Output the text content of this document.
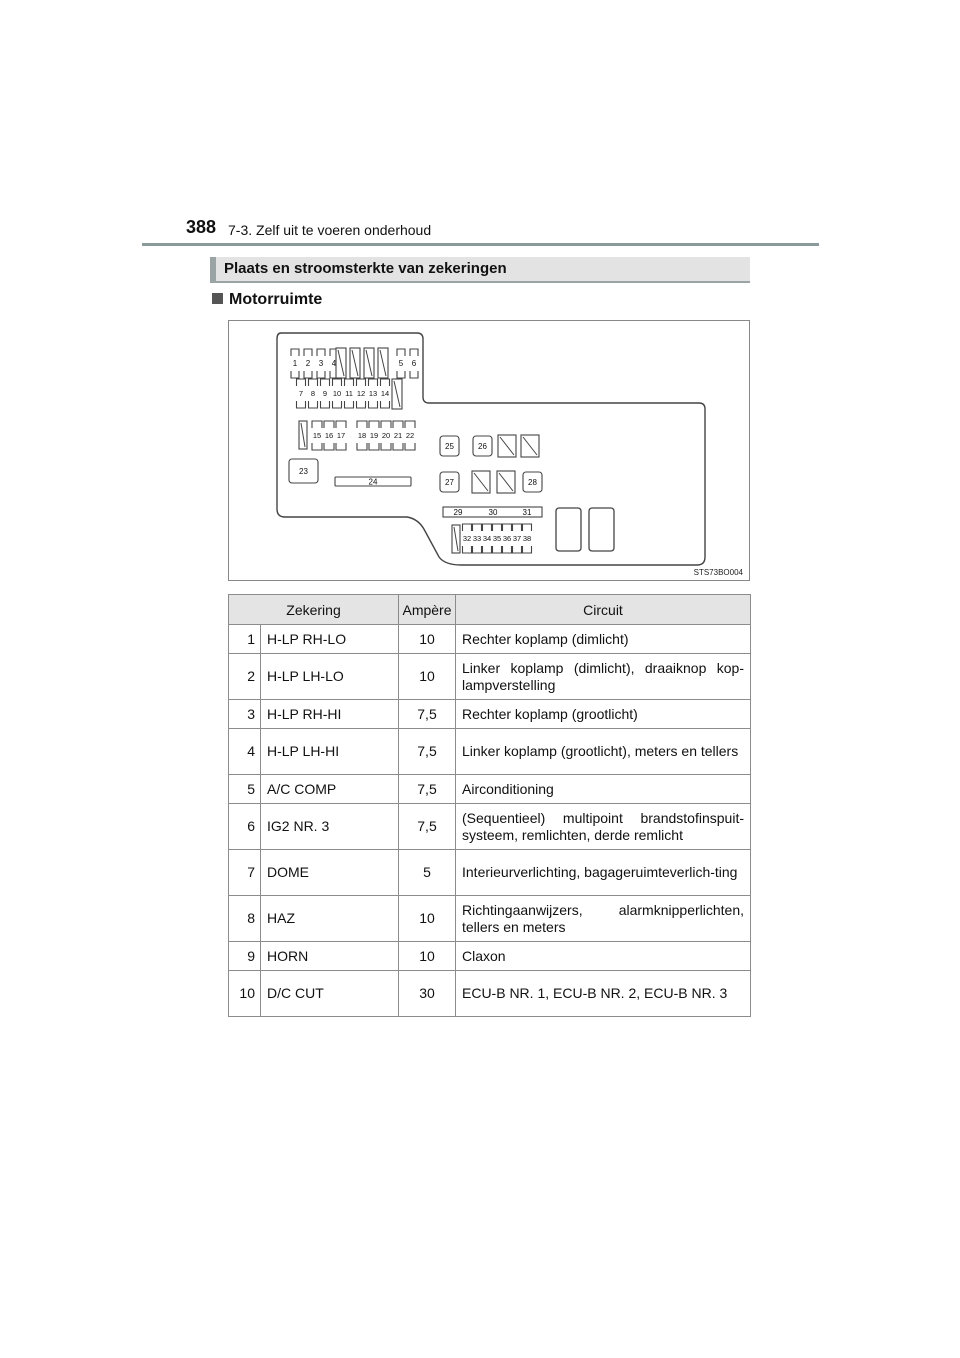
388 7-3. Zelf uit te voeren onderhoud
Plaats en stroomsterkte van zekeringen
Motorruimte
1 2 3 4	5 6
7 8 9 10 11 12 13 14
15 16 17 18 19 20 21 22
23
24
25	26
27	28
29	30	31
32 33 34 35 36 37 38
STS73BO004
Zekering		Ampère	Circuit
1	H-LP RH-LO	10	Rechter koplamp (dimlicht)
2	H-LP LH-LO	10	Linker koplamp (dimlicht), draaiknop kop-lampverstelling
3	H-LP RH-HI	7,5	Rechter koplamp (grootlicht)
4	H-LP LH-HI	7,5	Linker koplamp (grootlicht), meters en tellers
5	A/C COMP	7,5	Airconditioning
6	IG2 NR. 3	7,5	(Sequentieel) multipoint brandstofinspuit-systeem, remlichten, derde remlicht
7	DOME	5	Interieurverlichting, bagageruimteverlich-ting
8	HAZ	10	Richtingaanwijzers, alarmknipperlichten, tellers en meters
9	HORN	10	Claxon
10	D/C CUT	30	ECU-B NR. 1, ECU-B NR. 2, ECU-B NR. 3
